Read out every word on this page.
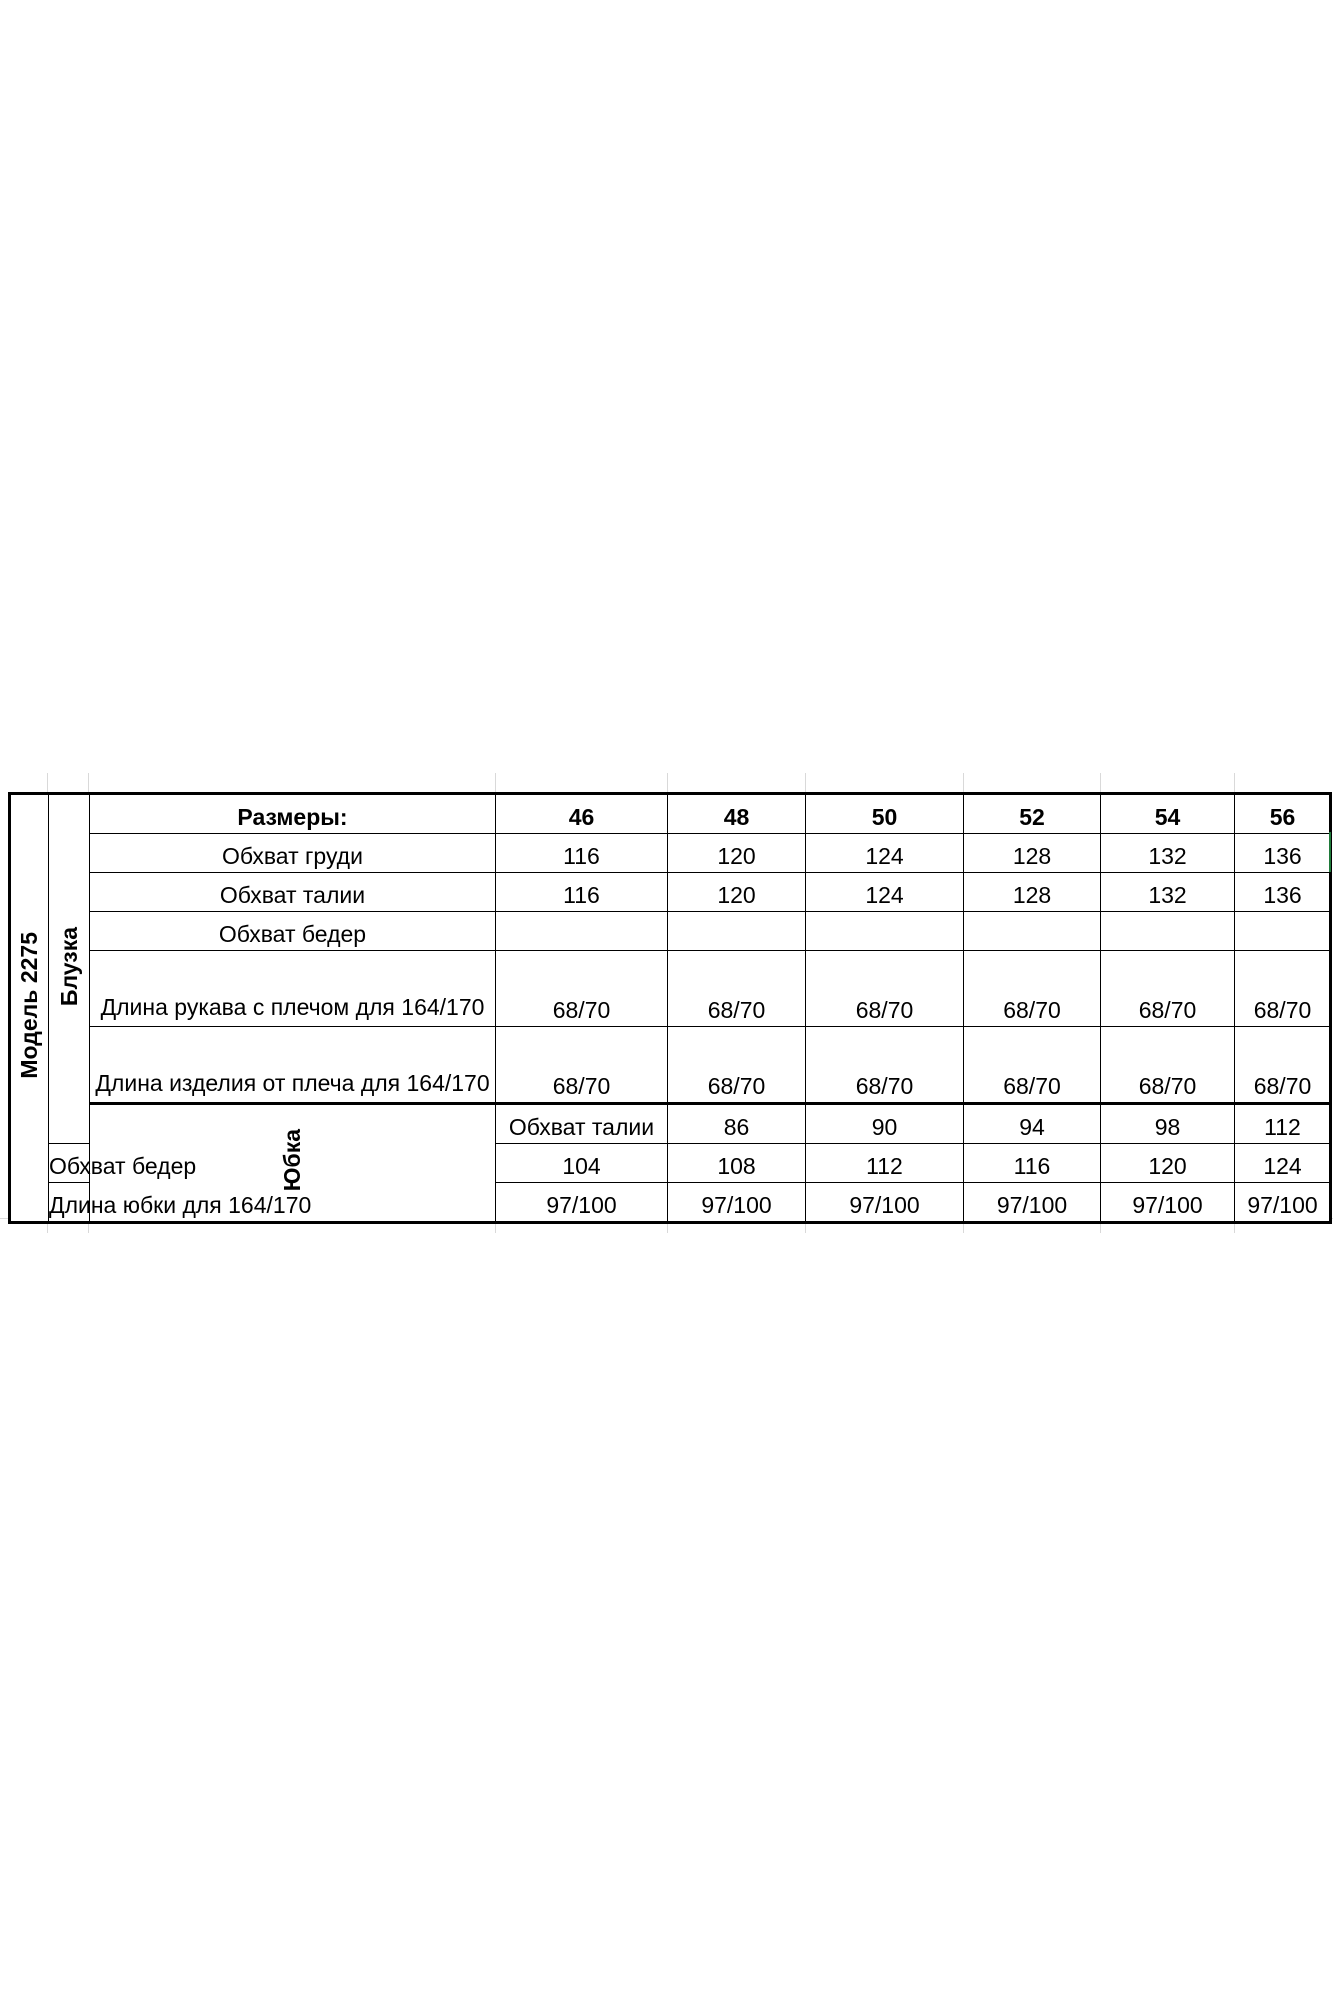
Модель 2275	Блузка	Размеры:	46	48	50	52	54	56	
		Обхват груди	116	120	124	128	132	136	
		Обхват талии	116	120	124	128	132	136	
		Обхват бедер							
		Длина рукава с плечом для 164/170	68/70	68/70	68/70	68/70	68/70	68/70	
		Длина изделия от плеча для 164/170	68/70	68/70	68/70	68/70	68/70	68/70	
		Юбка	Обхват талии	86	90	94	98	112	
	Обхват бедер		104	108	112	116	120	124	
	Длина юбки для 164/170		97/100	97/100	97/100	97/100	97/100	97/100	
